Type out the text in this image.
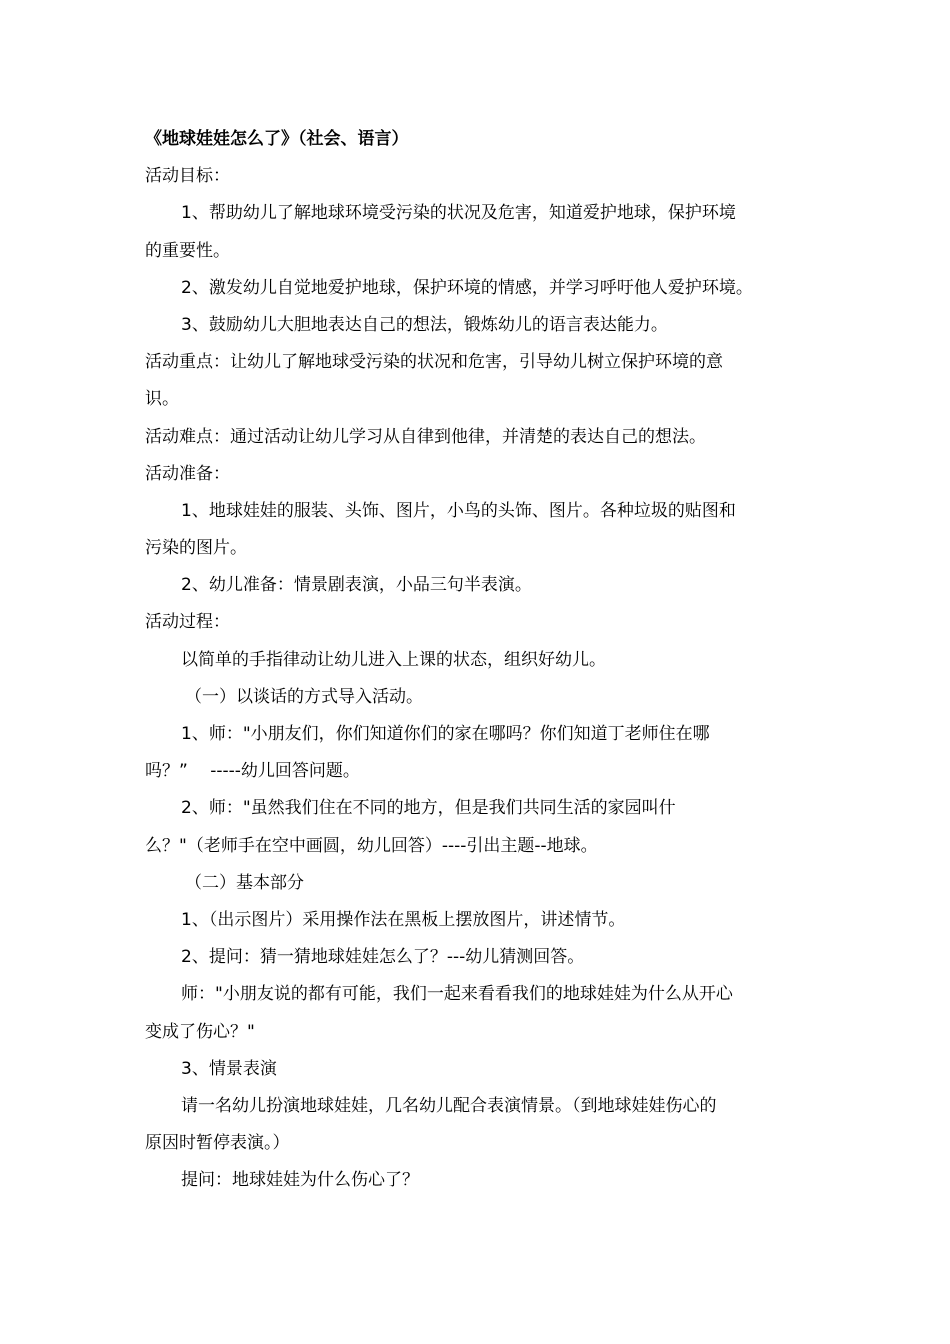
《地球娃娃怎么了》（社会、语言）
活动目标：
1、帮助幼儿了解地球环境受污染的状况及危害，知道爱护地球，保护环境
的重要性。
2、激发幼儿自觉地爱护地球，保护环境的情感，并学习呼吁他人爱护环境。
3、鼓励幼儿大胆地表达自己的想法，锻炼幼儿的语言表达能力。
活动重点：让幼儿了解地球受污染的状况和危害，引导幼儿树立保护环境的意
识。
活动难点：通过活动让幼儿学习从自律到他律，并清楚的表达自己的想法。
活动准备：
1、地球娃娃的服装、头饰、图片，小鸟的头饰、图片。各种垃圾的贴图和
污染的图片。
2、幼儿准备：情景剧表演，小品三句半表演。
活动过程：
以简单的手指律动让幼儿进入上课的状态，组织好幼儿。
（一）以谈话的方式导入活动。
1、师："小朋友们，你们知道你们的家在哪吗？你们知道丁老师住在哪
吗？”　 -----幼儿回答问题。
2、师："虽然我们住在不同的地方，但是我们共同生活的家园叫什
么？"（老师手在空中画圆，幼儿回答）----引出主题--地球。
（二）基本部分
1、（出示图片）采用操作法在黑板上摆放图片，讲述情节。
2、提问：猜一猜地球娃娃怎么了？---幼儿猜测回答。
师："小朋友说的都有可能，我们一起来看看我们的地球娃娃为什么从开心
变成了伤心？"
3、情景表演
请一名幼儿扮演地球娃娃，几名幼儿配合表演情景。（到地球娃娃伤心的
原因时暂停表演。）
提问：地球娃娃为什么伤心了？
